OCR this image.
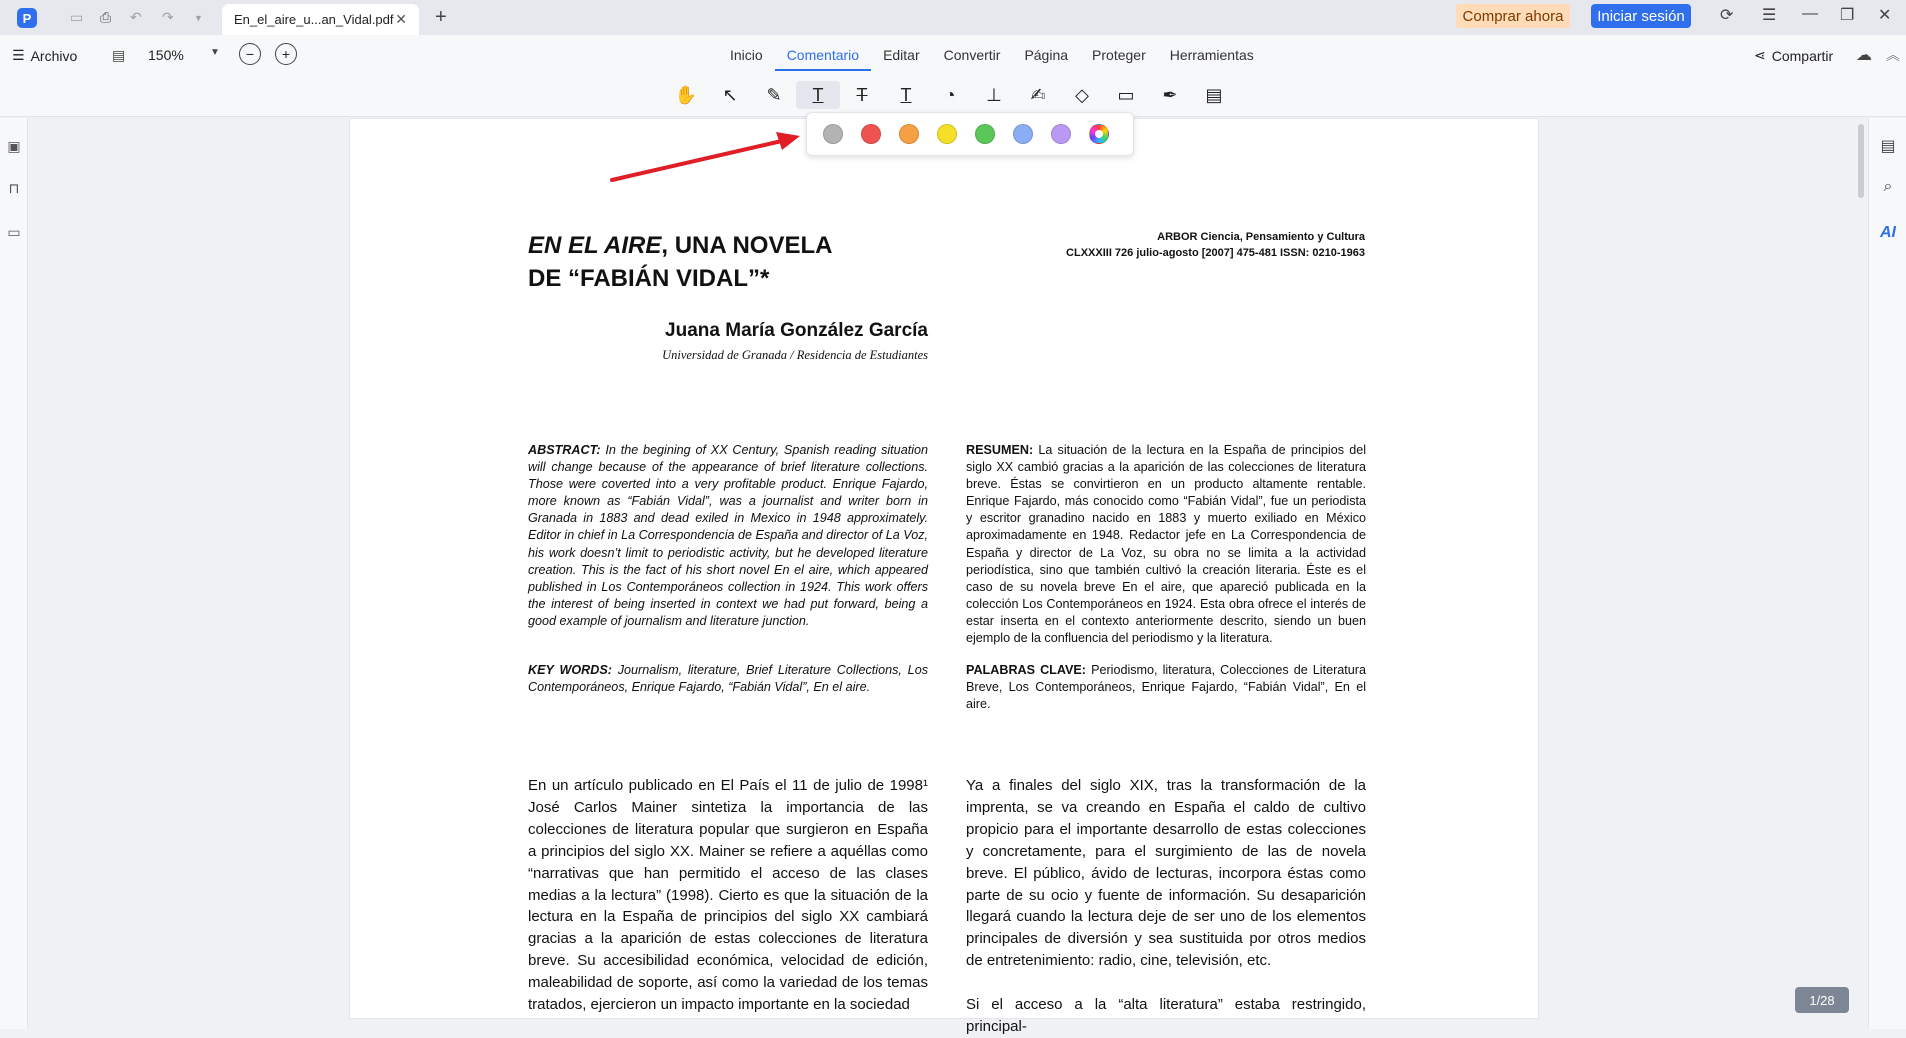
P	▭ ⎙ ↶ ↷ ▼ En_el_aire_u...an_Vidal.pdf ✕ +	Comprar ahora	Iniciar sesión	⟳ ☰ — ❐ ✕
☰ Archivo ▤ 150%	▼	−	+	Inicio	Comentario	Editar	Convertir	Página	Proteger	Herramientas	⋖ Compartir ☁ ︽
✋	↖	✎	T T T	◔	⊥	✍	◇	▭	✒	▤
▣
⊓
▭	EN EL AIRE, UNA NOVELA
DE “FABIÁN VIDAL”*
ARBOR Ciencia, Pensamiento y Cultura
CLXXXIII 726 julio-agosto [2007] 475-481 ISSN: 0210-1963
Juana María González García
Universidad de Granada / Residencia de Estudiantes
ABSTRACT: In the begining of XX Century, Spanish reading situation will change because of the appearance of brief literature collections. Those were coverted into a very profitable product. Enrique Fajardo, more known as “Fabián Vidal”, was a journalist and writer born in Granada in 1883 and dead exiled in Mexico in 1948 approximately. Editor in chief in La Correspondencia de España and director of La Voz, his work doesn’t limit to periodistic activity, but he developed literature creation. This is the fact of his short novel En el aire, which appeared published in Los Contemporáneos collection in 1924. This work offers the interest of being inserted in context we had put forward, being a good example of journalism and literature junction.
KEY WORDS: Journalism, literature, Brief Literature Collections, Los Contemporáneos, Enrique Fajardo, “Fabián Vidal”, En el aire.
RESUMEN: La situación de la lectura en la España de principios del siglo XX cambió gracias a la aparición de las colecciones de literatura breve. Éstas se convirtieron en un producto altamente rentable. Enrique Fajardo, más conocido como “Fabián Vidal”, fue un periodista y escritor granadino nacido en 1883 y muerto exiliado en México aproximadamente en 1948. Redactor jefe en La Correspondencia de España y director de La Voz, su obra no se limita a la actividad periodística, sino que también cultivó la creación literaria. Éste es el caso de su novela breve En el aire, que apareció publicada en la colección Los Contemporáneos en 1924. Esta obra ofrece el interés de estar inserta en el contexto anteriormente descrito, siendo un buen ejemplo de la confluencia del periodismo y la literatura.
PALABRAS CLAVE: Periodismo, literatura, Colecciones de Literatura Breve, Los Contemporáneos, Enrique Fajardo, “Fabián Vidal”, En el aire.
En un artículo publicado en El País el 11 de julio de 1998¹ José Carlos Mainer sintetiza la importancia de las colecciones de literatura popular que surgieron en España a principios del siglo XX. Mainer se refiere a aquéllas como “narrativas que han permitido el acceso de las clases medias a la lectura” (1998). Cierto es que la situación de la lectura en la España de principios del siglo XX cambiará gracias a la aparición de estas colecciones de literatura breve. Su accesibilidad económica, velocidad de edición, maleabilidad de soporte, así como la variedad de los temas tratados, ejercieron un impacto importante en la sociedad
Ya a finales del siglo XIX, tras la transformación de la imprenta, se va creando en España el caldo de cultivo propicio para el importante desarrollo de estas colecciones y concretamente, para el surgimiento de las de novela breve. El público, ávido de lecturas, incorpora éstas como parte de su ocio y fuente de información. Su desaparición llegará cuando la lectura deje de ser uno de los elementos principales de diversión y sea sustituida por otros medios de entretenimiento: radio, cine, televisión, etc.
Si el acceso a la “alta literatura” estaba restringido, principal-
▤
⌕
AI
1/28
